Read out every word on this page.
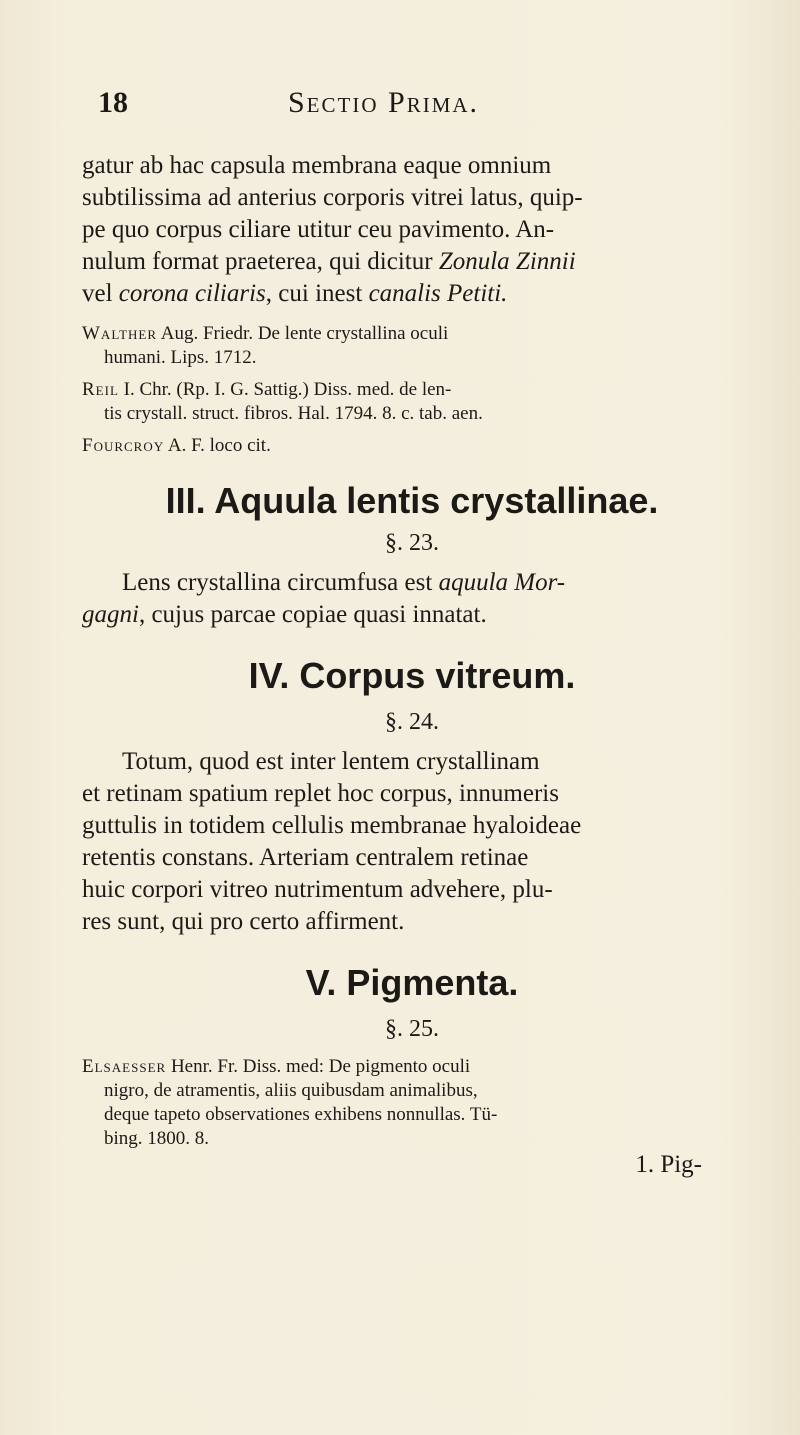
18	Sectio Prima.

gatur ab hac capsula membrana eaque omnium
subtilissima ad anterius corporis vitrei latus, quip-
pe quo corpus ciliare utitur ceu pavimento. An-
nulum format praeterea, qui dicitur Zonula Zinnii
vel corona ciliaris, cui inest canalis Petiti.

Walther Aug. Friedr. De lente crystallina oculi
humani. Lips. 1712.

Reil I. Chr. (Rp. I. G. Sattig.) Diss. med. de len-
tis crystall. struct. fibros. Hal. 1794. 8. c. tab. aen.

Fourcroy A. F. loco cit.

III. Aquula lentis crystallinae.

§. 23.

Lens crystallina circumfusa est aquula Mor-
gagni, cujus parcae copiae quasi innatat.

IV. Corpus vitreum.

§. 24.

Totum, quod est inter lentem crystallinam
et retinam spatium replet hoc corpus, innumeris
guttulis in totidem cellulis membranae hyaloideae
retentis constans. Arteriam centralem retinae
huic corpori vitreo nutrimentum advehere, plu-
res sunt, qui pro certo affirment.

V. Pigmenta.

§. 25.

Elsaesser Henr. Fr. Diss. med: De pigmento oculi
nigro, de atramentis, aliis quibusdam animalibus,
deque tapeto observationes exhibens nonnullas. Tü-
bing. 1800. 8.

1. Pig-
